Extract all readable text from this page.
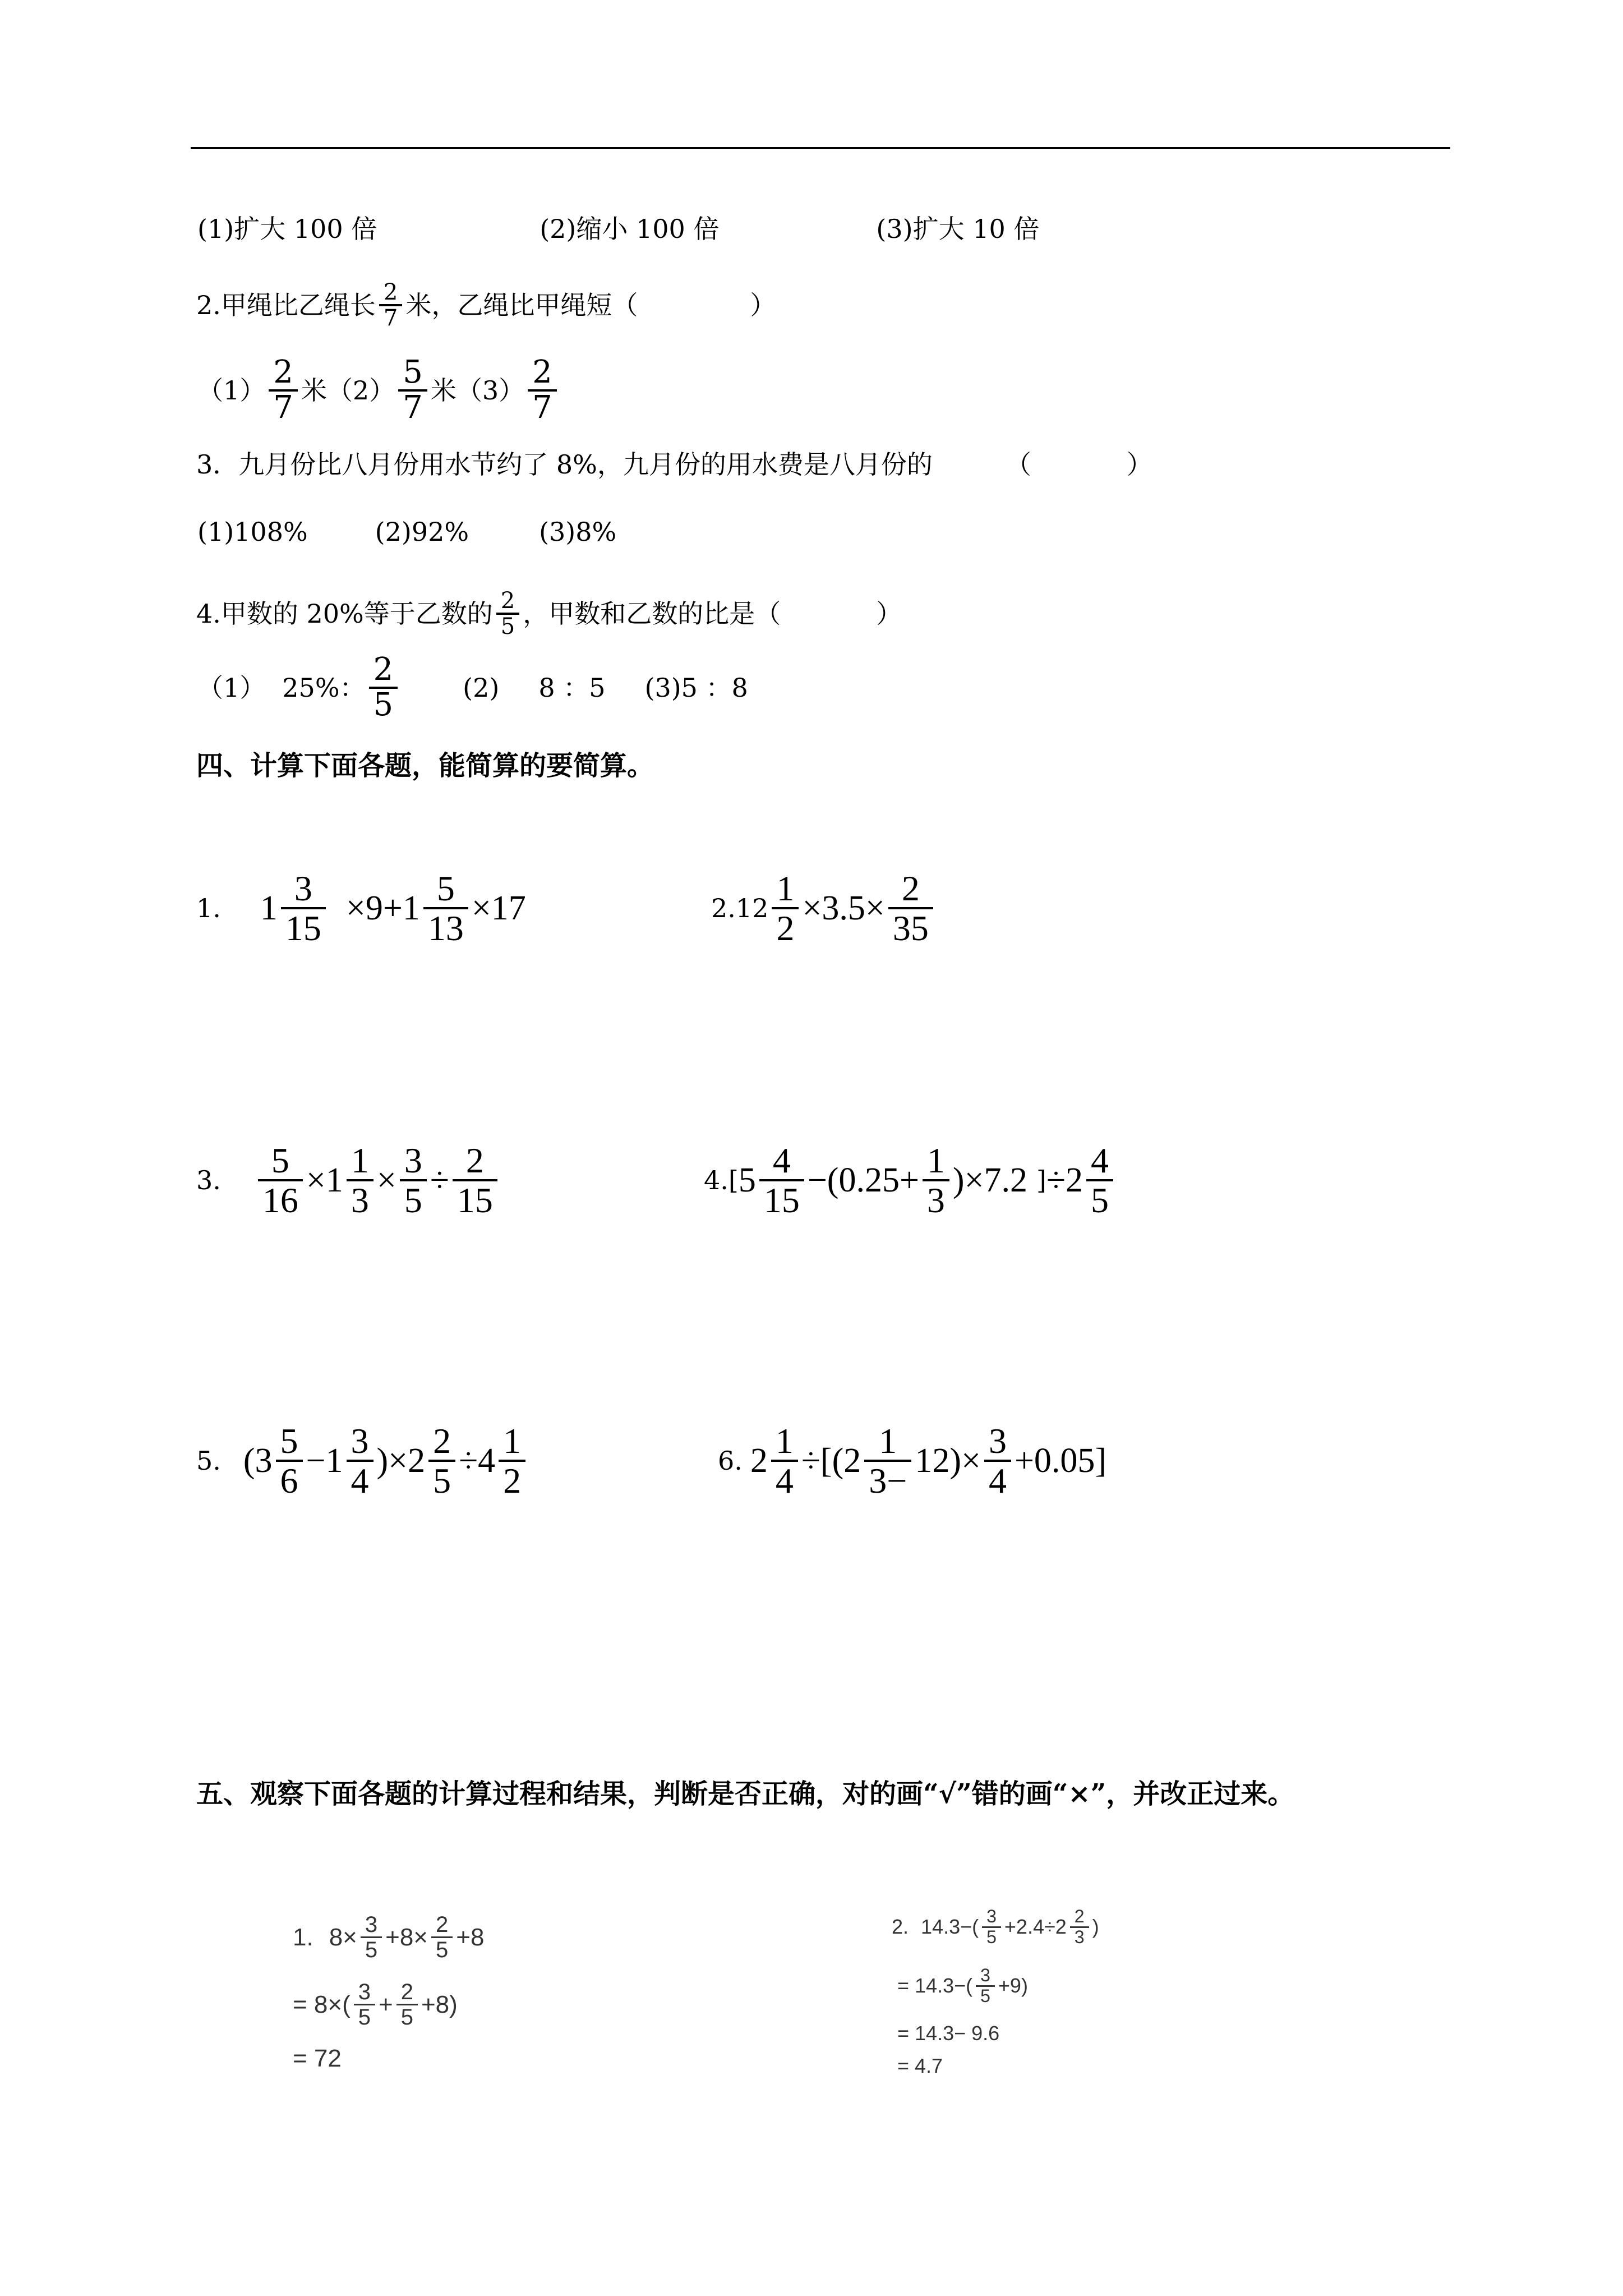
(1)扩大 100 倍	(2)缩小 100 倍	(3)扩大 10 倍
2.甲绳比乙绳长 $\frac{2}{7}$ 米，乙绳比甲绳短（	）
$(1) \frac{2}{7}$ 米$(2) \frac{5}{7}$ 米$(3) \frac{2}{7}$
3．九月份比八月份用水节约了 8%，九月份的用水费是八月份的	（	）
(1)108%	(2)92%	(3)8%
4.甲数的 20%等于乙数的 $\frac{2}{5}$ ，甲数和乙数的比是（	）
（1） 25%： $\frac{2}{5}$	(2) 8 ：5 (3)5 ：8
四、计算下面各题，能简算的要简算。
1. $1 \frac{3}{15} \times 9+1 \frac{5}{13} \times 17$	2. $12 \frac{1}{2} \times 3.5\times \frac{2}{35}$
3. $\frac{5}{16} \times 1 \frac{1}{3} \times \frac{3}{5} \div \frac{2}{15}$	4. [ $5 \frac{4}{15} -(0.25+ \frac{1}{3} )\times 7.2$ ] $\div 2 \frac{4}{5}$
5. $(3 \frac{5}{6} -1 \frac{3}{4} )\times 2 \frac{2}{5} \div 4 \frac{1}{2}$	6. $2 \frac{1}{4} \div[(2 \frac{1}{3-} 12)\times \frac{3}{4} +0.05]$
五、观察下面各题的计算过程和结果，判断是否正确，对的画“√”错的画“×”，并改正过来。
1. $8\times \frac{3}{5} +8\times \frac{2}{5} +8$
= $8\times( \frac{3}{5} + \frac{2}{5} +8)$
= 72
2. $14.3-( \frac{3}{5} +2.4\div 2 \frac{2}{3}$ )
= $14.3-( \frac{3}{5} +9)$
= 14.3− 9.6
= 4.7
